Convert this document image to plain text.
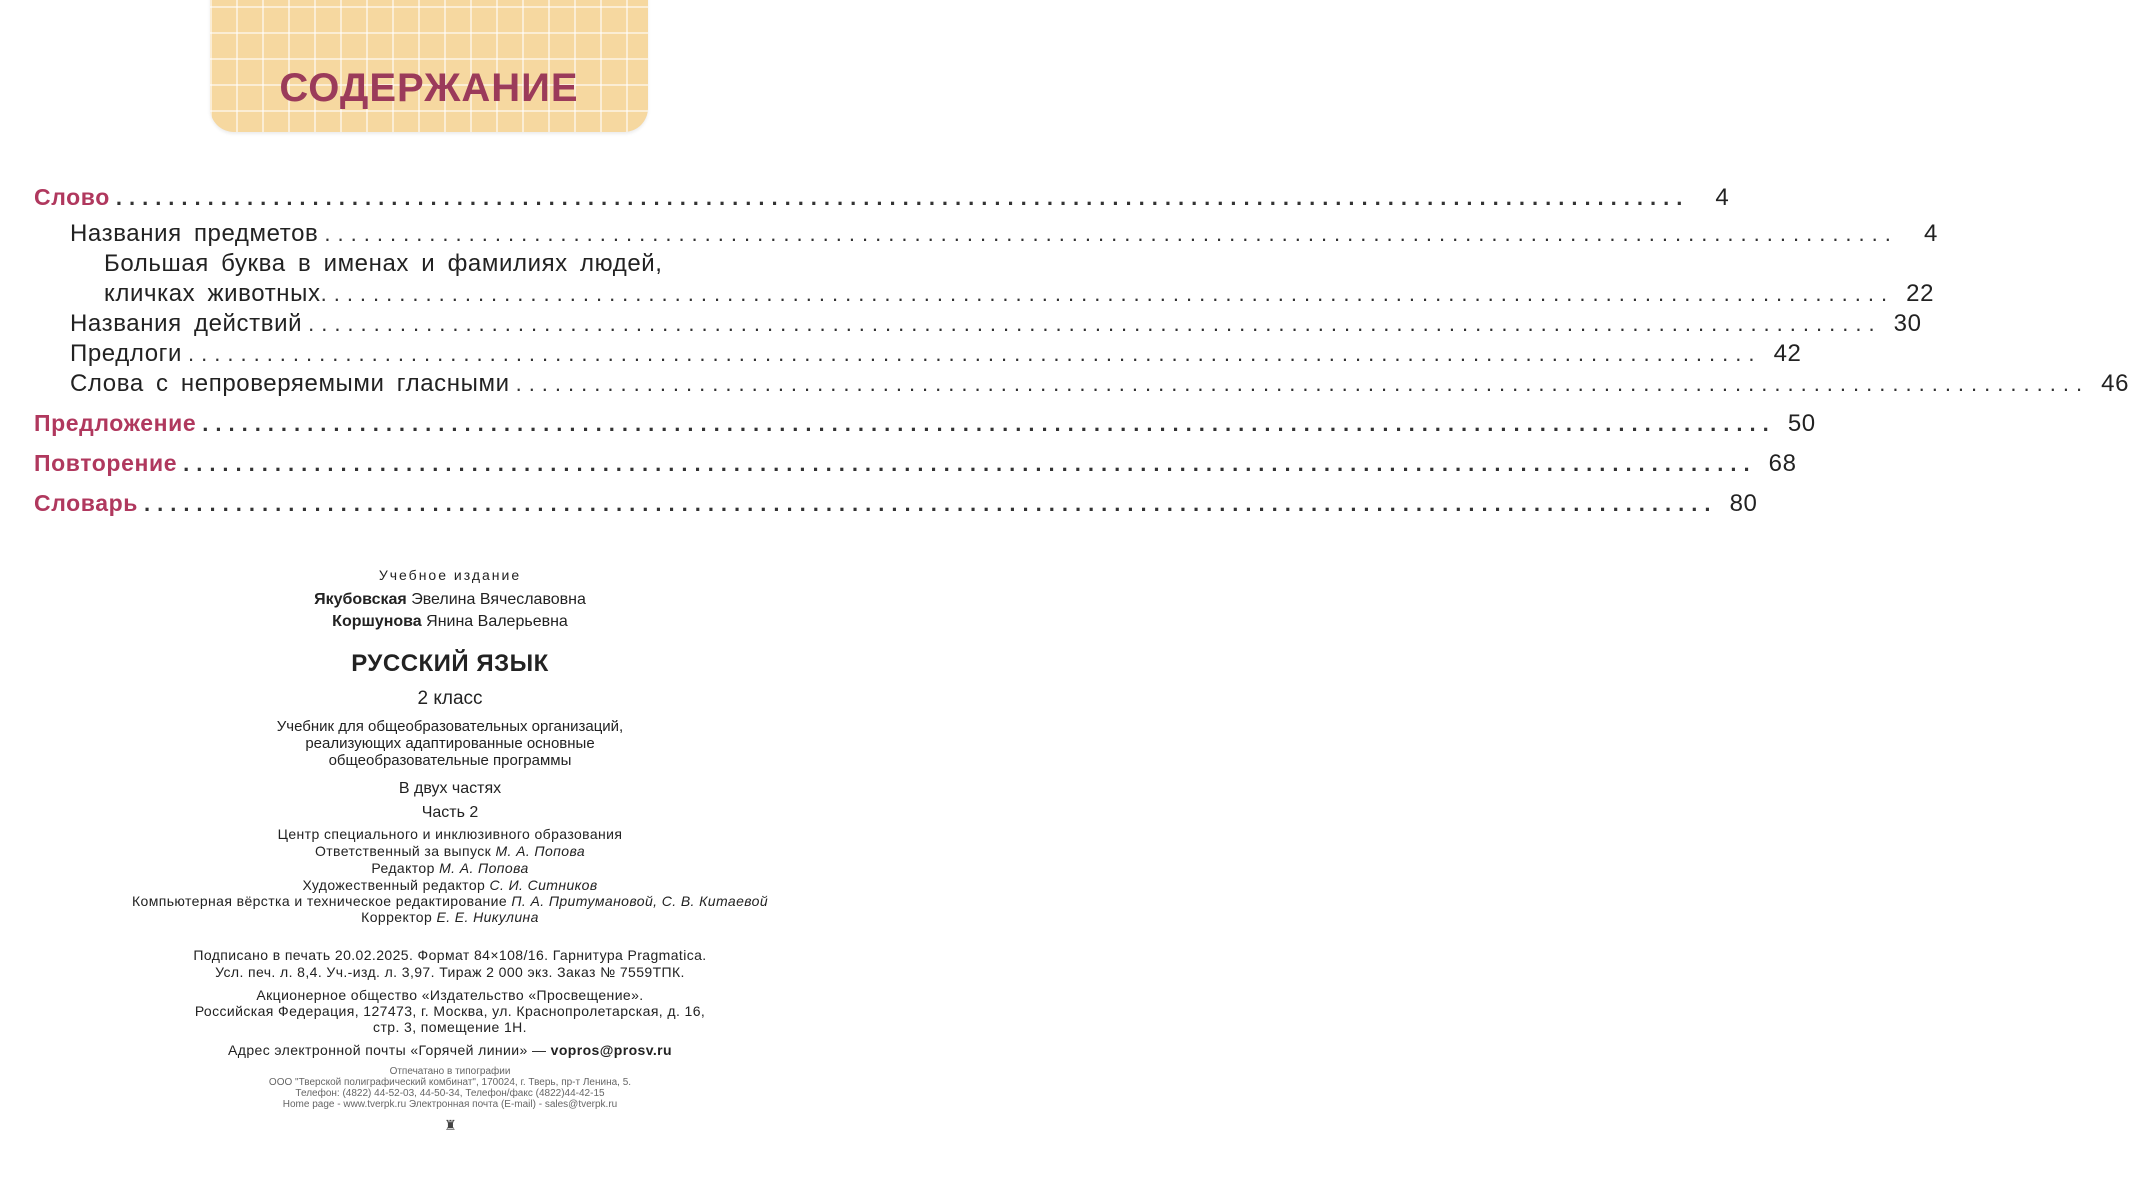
СОДЕРЖАНИЕ
Слово ........................................................................................................................	4
Названия предметов ........................................................................................................................	4
Большая буква в именах и фамилиях людей,
кличках животных ........................................................................................................................ 22
Названия действий ........................................................................................................................ 30
Предлоги ........................................................................................................................ 42
Слова с непроверяемыми гласными ........................................................................................................................ 46
Предложение ........................................................................................................................ 50
Повторение ........................................................................................................................ 68
Словарь ........................................................................................................................ 80
Учебное издание
Якубовская Эвелина Вячеславовна
Коршунова Янина Валерьевна
РУССКИЙ ЯЗЫК
2 класс
Учебник для общеобразовательных организаций,
реализующих адаптированные основные
общеобразовательные программы
В двух частях
Часть 2
Центр специального и инклюзивного образования
Ответственный за выпуск М. А. Попова
Редактор М. А. Попова
Художественный редактор С. И. Ситников
Компьютерная вёрстка и техническое редактирование П. А. Притумановой, С. В. Китаевой
Корректор Е. Е. Никулина
Подписано в печать 20.02.2025. Формат 84×108/16. Гарнитура Pragmatica.
Усл. печ. л. 8,4. Уч.-изд. л. 3,97. Тираж 2 000 экз. Заказ № 7559ТПК.
Акционерное общество «Издательство «Просвещение».
Российская Федерация, 127473, г. Москва, ул. Краснопролетарская, д. 16,
стр. 3, помещение 1Н.
Адрес электронной почты «Горячей линии» — vopros@prosv.ru
Отпечатано в типографии
ООО "Тверской полиграфический комбинат", 170024, г. Тверь, пр-т Ленина, 5.
Телефон: (4822) 44-52-03, 44-50-34, Телефон/факс (4822)44-42-15
Home page - www.tverpk.ru Электронная почта (E-mail) - sales@tverpk.ru
♜
